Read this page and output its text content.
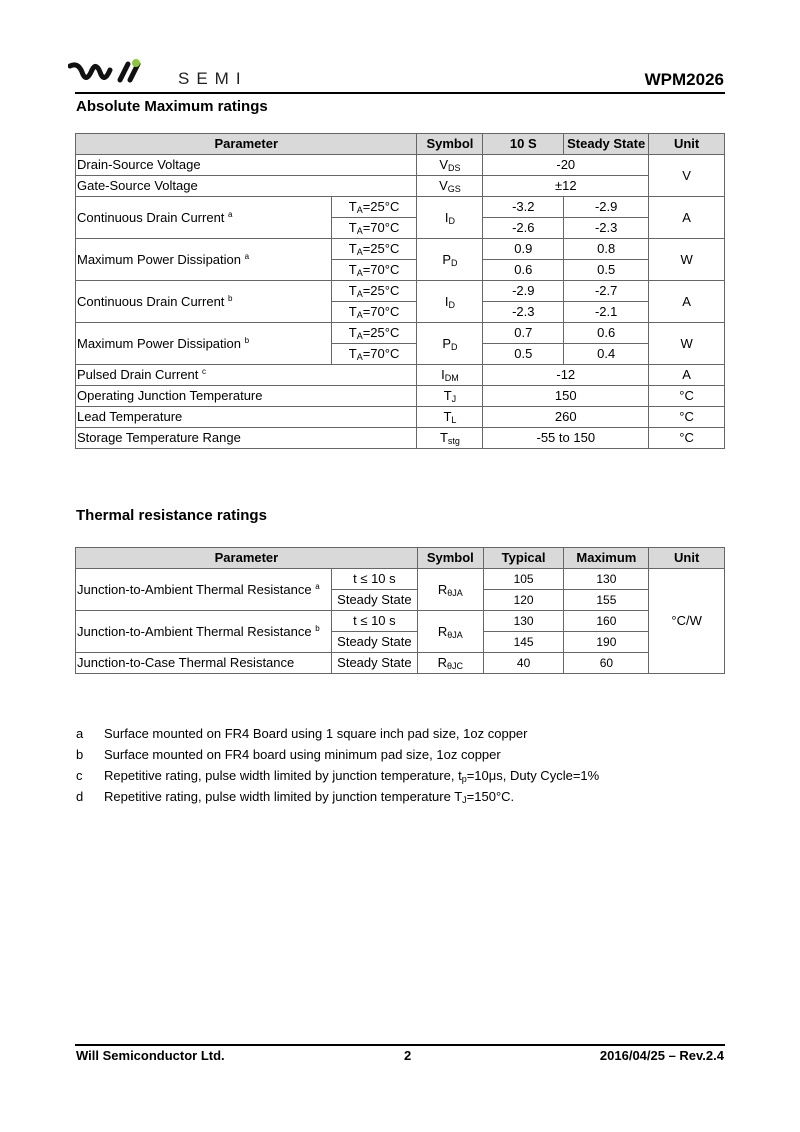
SEMI	WPM2026
Absolute Maximum ratings
Parameter		Symbol	10 S	Steady State	Unit
Drain-Source Voltage		$V_{DS}$	-20		V
Gate-Source Voltage		$V_{GS}$	±12		
Continuous Drain Current $^a$	$T_A=25^\circ C$	$I_D$	-3.2	-2.9	A
	$T_A=70^\circ C$		-2.6	-2.3	
Maximum Power Dissipation $^a$	$T_A=25^\circ C$	$P_D$	0.9	0.8	W
	$T_A=70^\circ C$		0.6	0.5	
Continuous Drain Current $^b$	$T_A=25^\circ C$	$I_D$	-2.9	-2.7	A
	$T_A=70^\circ C$		-2.3	-2.1	
Maximum Power Dissipation $^b$	$T_A=25^\circ C$	$P_D$	0.7	0.6	W
	$T_A=70^\circ C$		0.5	0.4	
Pulsed Drain Current $^c$		$I_{DM}$	-12		A
Operating Junction Temperature		$T_J$	150		°C
Lead Temperature		$T_L$	260		°C
Storage Temperature Range		$T_{stg}$	-55 to 150		°C
Thermal resistance ratings
Parameter		Symbol	Typical	Maximum	Unit
Junction-to-Ambient Thermal Resistance $^a$	t ≤ 10 s	$R_{\theta JA}$	105	130	°C/W
	Steady State		120	155	
Junction-to-Ambient Thermal Resistance $^b$	t ≤ 10 s	$R_{\theta JA}$	130	160	
	Steady State		145	190	
Junction-to-Case Thermal Resistance	Steady State	$R_{\theta JC}$	40	60	
a	Surface mounted on FR4 Board using 1 square inch pad size, 1oz copper
b	Surface mounted on FR4 board using minimum pad size, 1oz copper
c	Repetitive rating, pulse width limited by junction temperature, $t_p=10\mu s$, Duty Cycle=1%
d	Repetitive rating, pulse width limited by junction temperature $T_J=150^\circ C$.
Will Semiconductor Ltd.	2	2016/04/25 – Rev.2.4
